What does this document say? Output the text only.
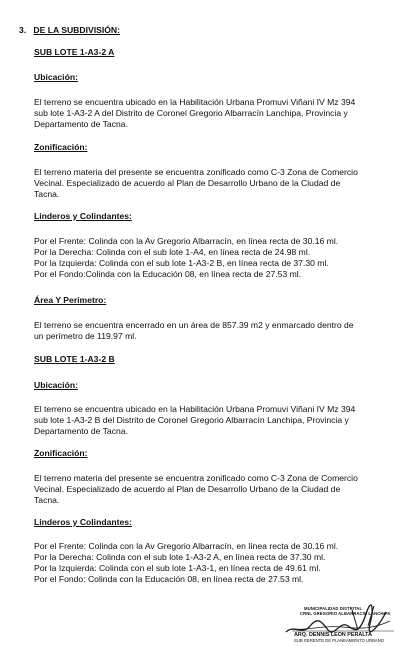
3. DE LA SUBDIVISIÓN:
SUB LOTE 1-A3-2 A
Ubicación:
El terreno se encuentra ubicado en la Habilitación Urbana Promuvi Viñani IV Mz 394
sub lote 1-A3-2 A del Distrito de Coronel Gregorio Albarracín Lanchipa, Provincia y
Departamento de Tacna.
Zonificación:
El terreno materia del presente se encuentra zonificado como C-3 Zona de Comercio
Vecinal. Especializado de acuerdo al Plan de Desarrollo Urbano de la Ciudad de
Tacna.
Linderos y Colindantes:
Por el Frente: Colinda con la Av Gregorio Albarracín, en línea recta de 30.16 ml.
Por la Derecha: Colinda con el sub lote 1-A4, en línea recta de 24.98 ml.
Por la Izquierda: Colinda con el sub lote 1-A3-2 B, en línea recta de 37.30 ml.
Por el Fondo:Colinda con la Educación 08, en línea recta de 27.53 ml.
Área Y Perímetro:
El terreno se encuentra encerrado en un área de 857.39 m2 y enmarcado dentro de
un perímetro de 119.97 ml.
SUB LOTE 1-A3-2 B
Ubicación:
El terreno se encuentra ubicado en la Habilitación Urbana Promuvi Viñani IV Mz 394
sub lote 1-A3-2 B del Distrito de Coronel Gregorio Albarracín Lanchipa, Provincia y
Departamento de Tacna.
Zonificación:
El terreno materia del presente se encuentra zonificado como C-3 Zona de Comercio
Vecinal. Especializado de acuerdo al Plan de Desarrollo Urbano de la Ciudad de
Tacna.
Linderos y Colindantes:
Por el Frente: Colinda con la Av Gregorio Albarracín, en línea recta de 30.16 ml.
Por la Derecha: Colinda con el sub lote 1-A3-2 A, en línea recta de 37.30 ml.
Por la Izquierda: Colinda con el sub lote 1-A3-1, en línea recta de 49.61 ml.
Por el Fondo: Colinda con la Educación 08, en línea recta de 27.53 ml.
MUNICIPALIDAD DISTRITAL
CRNL GREGORIO ALBARRACIN LANCHIPA
ARQ. DENNIS LEON PERALTA
SUB GERENTE DE PLANEAMIENTO URBANO
